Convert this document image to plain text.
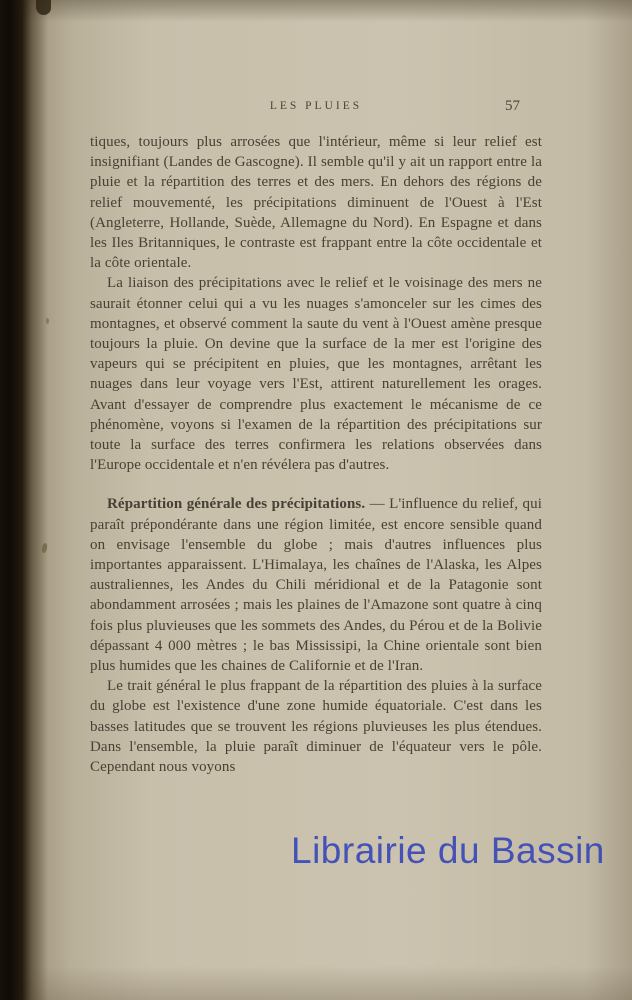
LES PLUIES	57

tiques, toujours plus arrosées que l'intérieur, même si leur relief est insignifiant (Landes de Gascogne). Il semble qu'il y ait un rapport entre la pluie et la répartition des terres et des mers. En dehors des régions de relief mouvementé, les précipitations diminuent de l'Ouest à l'Est (Angleterre, Hollande, Suède, Allemagne du Nord). En Espagne et dans les Iles Britanniques, le contraste est frappant entre la côte occidentale et la côte orientale.

La liaison des précipitations avec le relief et le voisinage des mers ne saurait étonner celui qui a vu les nuages s'amonceler sur les cimes des montagnes, et observé comment la saute du vent à l'Ouest amène presque toujours la pluie. On devine que la surface de la mer est l'origine des vapeurs qui se précipitent en pluies, que les montagnes, arrêtant les nuages dans leur voyage vers l'Est, attirent naturellement les orages. Avant d'essayer de comprendre plus exactement le mécanisme de ce phénomène, voyons si l'examen de la répartition des précipitations sur toute la surface des terres confirmera les relations observées dans l'Europe occidentale et n'en révélera pas d'autres.

Répartition générale des précipitations. — L'influence du relief, qui paraît prépondérante dans une région limitée, est encore sensible quand on envisage l'ensemble du globe ; mais d'autres influences plus importantes apparaissent. L'Himalaya, les chaînes de l'Alaska, les Alpes australiennes, les Andes du Chili méridional et de la Patagonie sont abondamment arrosées ; mais les plaines de l'Amazone sont quatre à cinq fois plus pluvieuses que les sommets des Andes, du Pérou et de la Bolivie dépassant 4 000 mètres ; le bas Mississipi, la Chine orientale sont bien plus humides que les chaines de Californie et de l'Iran.

Le trait général le plus frappant de la répartition des pluies à la surface du globe est l'existence d'une zone humide équatoriale. C'est dans les basses latitudes que se trouvent les régions pluvieuses les plus étendues. Dans l'ensemble, la pluie paraît diminuer de l'équateur vers le pôle. Cependant nous voyons

Librairie du Bassin
